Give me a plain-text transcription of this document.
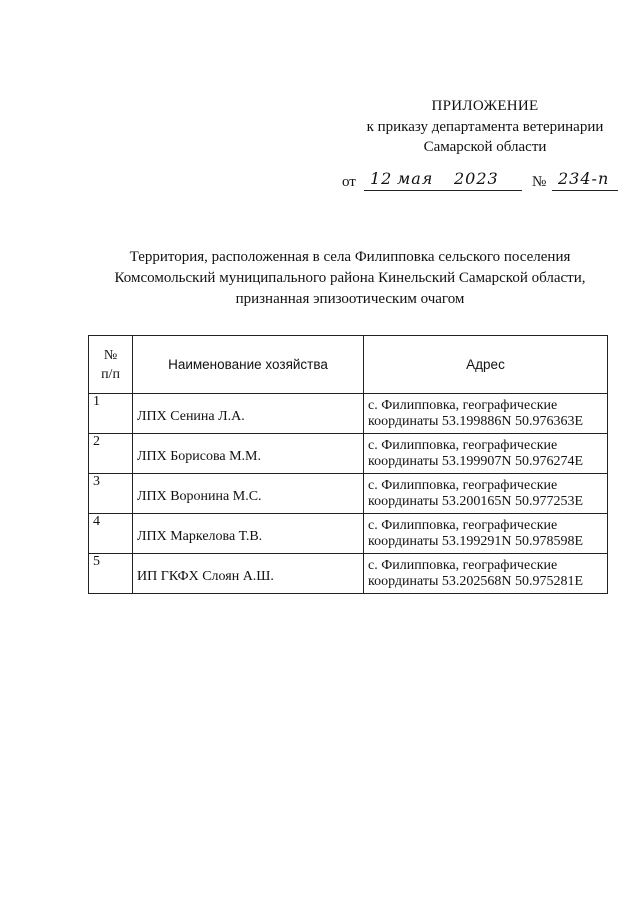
ПРИЛОЖЕНИЕ
к приказу департамента ветеринарии
Самарской области
от 12 мая 2023 № 234-п
Территория, расположенная в села Филипповка сельского поселения
Комсомольский муниципального района Кинельский Самарской области,
признанная эпизоотическим очагом
№
п/п	Наименование хозяйства	Адрес
1	ЛПХ Сенина Л.А.	с. Филипповка, географические
координаты 53.199886N 50.976363E

2	ЛПХ Борисова М.М.	с. Филипповка, географические
координаты 53.199907N 50.976274E

3	ЛПХ Воронина М.С.	с. Филипповка, географические
координаты 53.200165N 50.977253E

4	ЛПХ Маркелова Т.В.	с. Филипповка, географические
координаты 53.199291N 50.978598E

5	ИП ГКФХ Слоян А.Ш.	с. Филипповка, географические
координаты 53.202568N 50.975281E
